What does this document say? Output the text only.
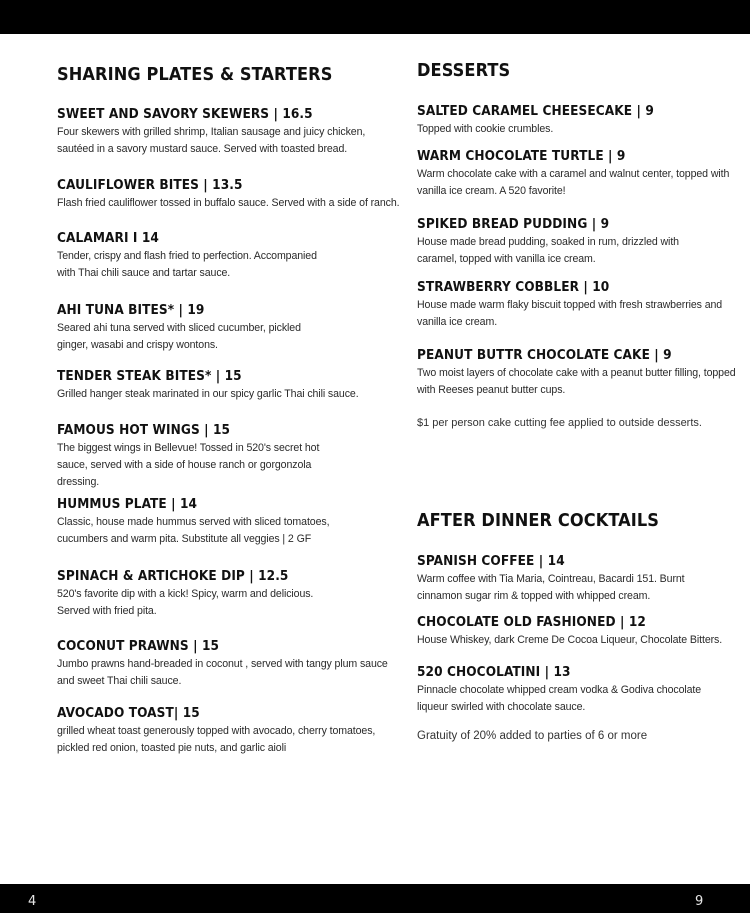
SHARING PLATES & STARTERS
SWEET AND SAVORY SKEWERS | 16.5
Four skewers with grilled shrimp, Italian sausage and juicy chicken, sautéed in a savory mustard sauce. Served with toasted bread.
CAULIFLOWER BITES | 13.5
Flash fried cauliflower tossed in buffalo sauce. Served with a side of ranch.
CALAMARI I 14
Tender, crispy and flash fried to perfection. Accompanied with Thai chili sauce and tartar sauce.
AHI TUNA BITES* | 19
Seared ahi tuna served with sliced cucumber, pickled ginger, wasabi and crispy wontons.
TENDER STEAK BITES* | 15
Grilled hanger steak marinated in our spicy garlic Thai chili sauce.
FAMOUS HOT WINGS | 15
The biggest wings in Bellevue! Tossed in 520's secret hot sauce, served with a side of house ranch or gorgonzola dressing.
HUMMUS PLATE | 14
Classic, house made hummus served with sliced tomatoes, cucumbers and warm pita. Substitute all veggies | 2 GF
SPINACH & ARTICHOKE DIP | 12.5
520's favorite dip with a kick! Spicy, warm and delicious. Served with fried pita.
COCONUT PRAWNS | 15
Jumbo prawns hand-breaded in coconut , served with tangy plum sauce and sweet Thai chili sauce.
AVOCADO TOAST| 15
grilled wheat toast generously topped with avocado, cherry tomatoes, pickled red onion, toasted pie nuts, and garlic aioli
DESSERTS
SALTED CARAMEL CHEESECAKE | 9
Topped with cookie crumbles.
WARM CHOCOLATE TURTLE | 9
Warm chocolate cake with a caramel and walnut center, topped with vanilla ice cream. A 520 favorite!
SPIKED BREAD PUDDING | 9
House made bread pudding, soaked in rum, drizzled with caramel, topped with vanilla ice cream.
STRAWBERRY COBBLER | 10
House made warm flaky biscuit topped with fresh strawberries and vanilla ice cream.
PEANUT BUTTR CHOCOLATE CAKE | 9
Two moist layers of chocolate cake with a peanut butter filling, topped with Reeses peanut butter cups.
$1 per person cake cutting fee applied to outside desserts.
AFTER DINNER COCKTAILS
SPANISH COFFEE | 14
Warm coffee with Tia Maria, Cointreau, Bacardi 151. Burnt cinnamon sugar rim & topped with whipped cream.
CHOCOLATE OLD FASHIONED | 12
House Whiskey, dark Creme De Cocoa Liqueur, Chocolate Bitters.
520 CHOCOLATINI | 13
Pinnacle chocolate whipped cream vodka & Godiva chocolate liqueur swirled with chocolate sauce.
Gratuity of 20% added to parties of 6 or more
4	9
